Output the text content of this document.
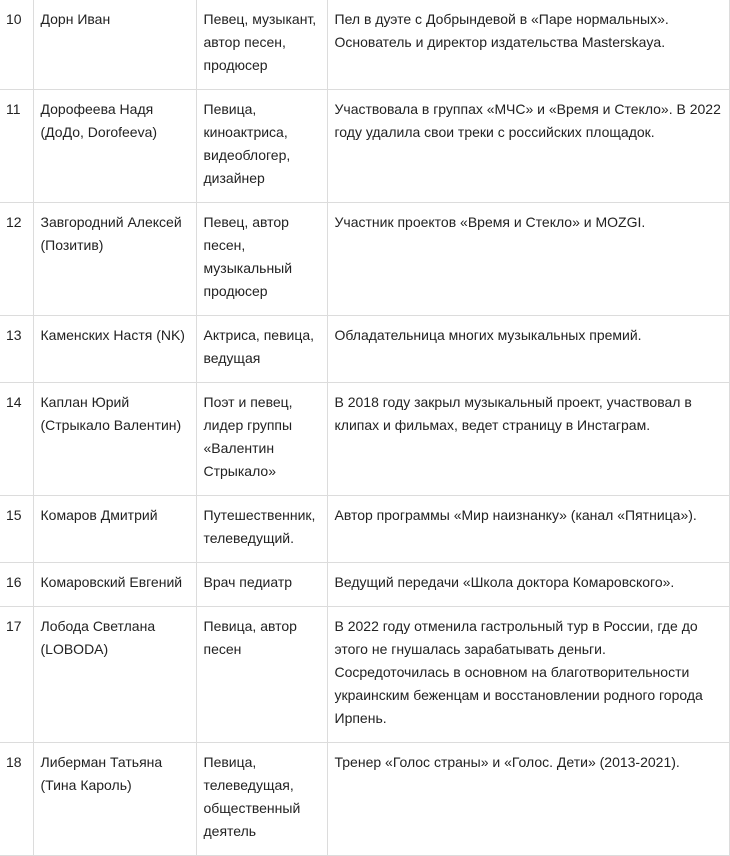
10	Дорн Иван	Певец, музыкант, автор песен, продюсер	Пел в дуэте с Добрындевой в «Паре нормальных». Основатель и директор издательства Masterskaya.
11	Дорофеева Надя (ДоДо, Dorofeeva)	Певица, киноактриса, видеоблогер, дизайнер	Участвовала в группах «МЧС» и «Время и Стекло». В 2022 году удалила свои треки с российских площадок.
12	Завгородний Алексей (Позитив)	Певец, автор песен, музыкальный продюсер	Участник проектов «Время и Стекло» и MOZGI.
13	Каменских Настя (NK)	Актриса, певица, ведущая	Обладательница многих музыкальных премий.
14	Каплан Юрий (Стрыкало Валентин)	Поэт и певец, лидер группы «Валентин Стрыкало»	В 2018 году закрыл музыкальный проект, участвовал в клипах и фильмах, ведет страницу в Инстаграм.
15	Комаров Дмитрий	Путешественник, телеведущий.	Автор программы «Мир наизнанку» (канал «Пятница»).
16	Комаровский Евгений	Врач педиатр	Ведущий передачи «Школа доктора Комаровского».
17	Лобода Светлана (LOBODA)	Певица, автор песен	В 2022 году отменила гастрольный тур в России, где до этого не гнушалась зарабатывать деньги. Сосредоточилась в основном на благотворительности украинским беженцам и восстановлении родного города Ирпень.
18	Либерман Татьяна (Тина Кароль)	Певица, телеведущая, общественный деятель	Тренер «Голос страны» и «Голос. Дети» (2013-2021).
